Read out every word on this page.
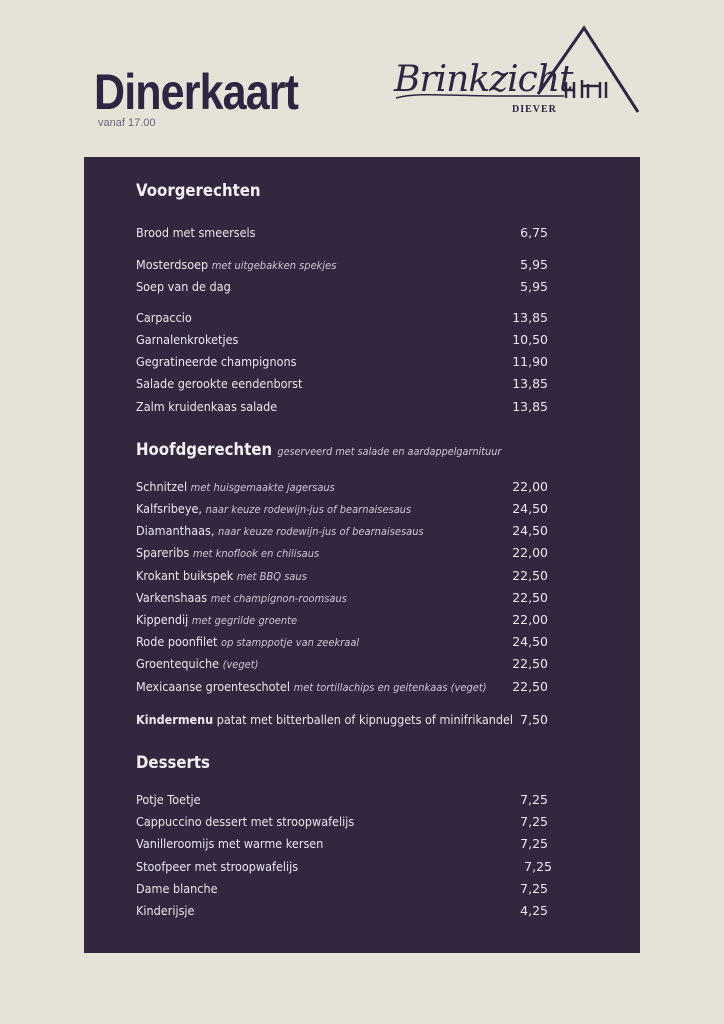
Dinerkaart
vanaf 17.00
Brinkzicht
DIEVER
Voorgerechten
Brood met smeersels	6,75
Mosterdsoep met uitgebakken spekjes	5,95
Soep van de dag	5,95
Carpaccio	13,85
Garnalenkroketjes	10,50
Gegratineerde champignons	11,90
Salade gerookte eendenborst	13,85
Zalm kruidenkaas salade	13,85
Hoofdgerechten geserveerd met salade en aardappelgarnituur
Schnitzel met huisgemaakte jagersaus	22,00
Kalfsribeye, naar keuze rodewijn-jus of bearnaisesaus	24,50
Diamanthaas, naar keuze rodewijn-jus of bearnaisesaus	24,50
Spareribs met knoflook en chilisaus	22,00
Krokant buikspek met BBQ saus	22,50
Varkenshaas met champignon-roomsaus	22,50
Kippendij met gegrilde groente	22,00
Rode poonfilet op stamppotje van zeekraal	24,50
Groentequiche (veget)	22,50
Mexicaanse groenteschotel met tortillachips en geitenkaas (veget) 22,50
Kindermenu patat met bitterballen of kipnuggets of minifrikandel 7,50
Desserts
Potje Toetje	7,25
Cappuccino dessert met stroopwafelijs	7,25
Vanilleroomijs met warme kersen	7,25
Stoofpeer met stroopwafelijs	7,25
Dame blanche	7,25
Kinderijsje	4,25
